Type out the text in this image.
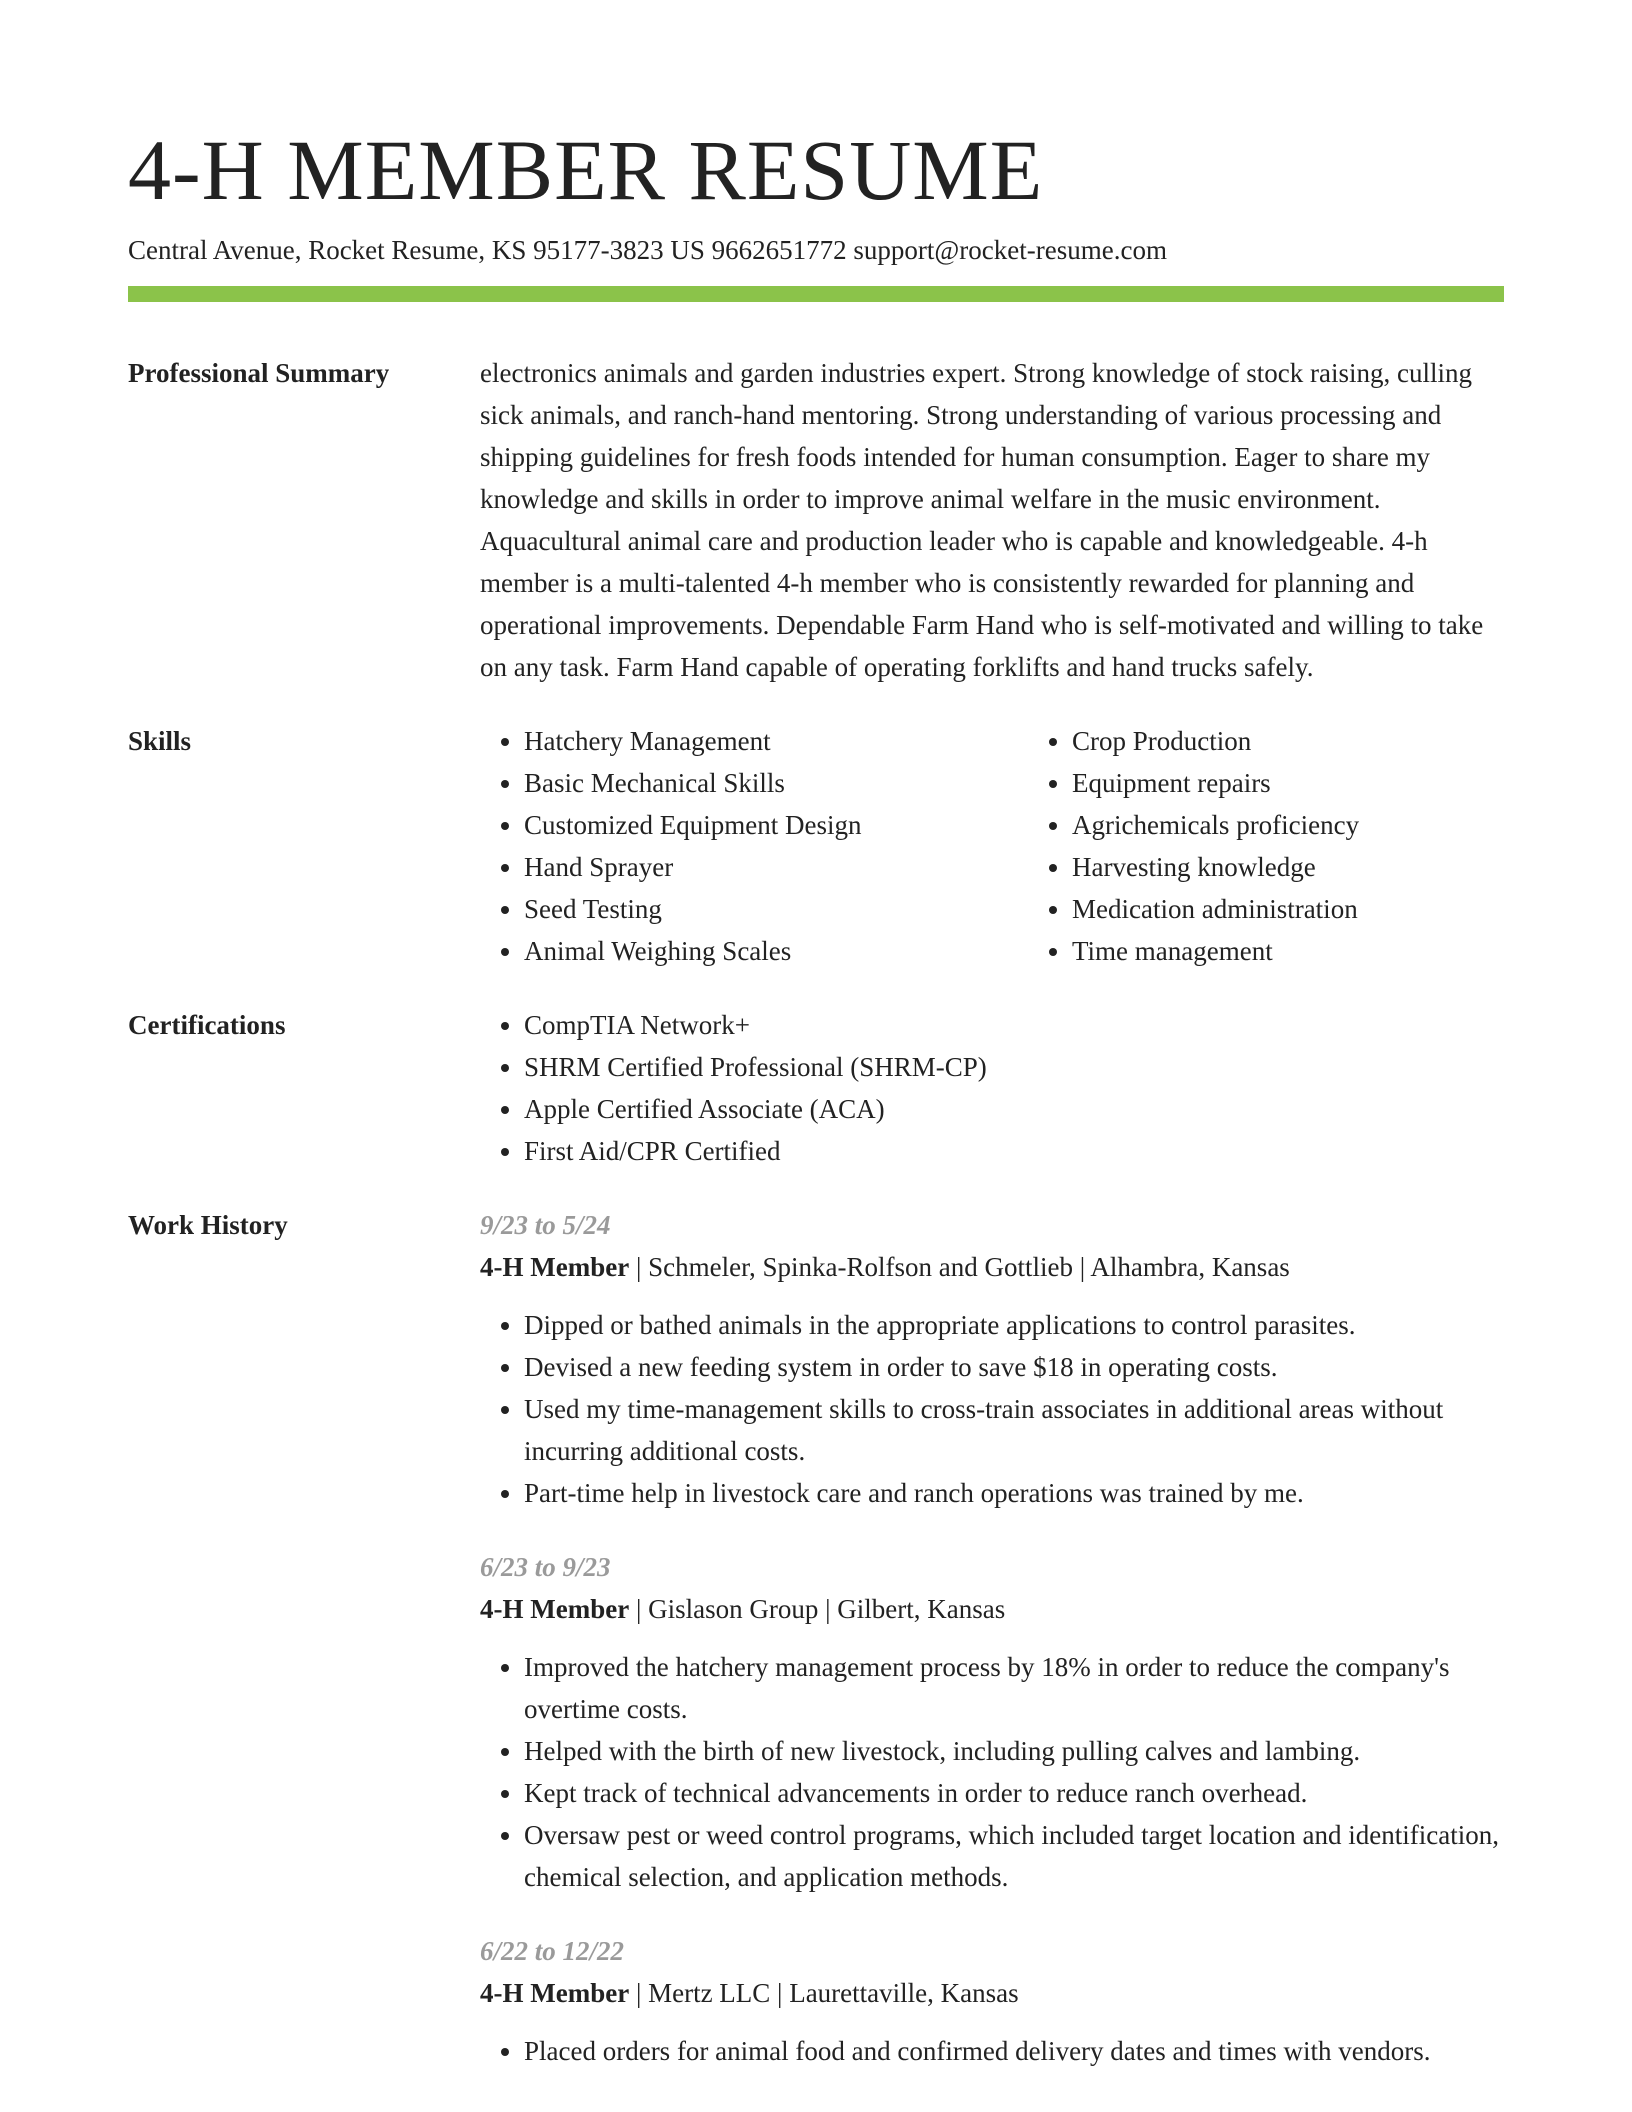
4-H MEMBER RESUME
Central Avenue, Rocket Resume, KS 95177-3823 US 9662651772 support@rocket-resume.com
Professional Summary	electronics animals and garden industries expert. Strong knowledge of stock raising, culling sick animals, and ranch-hand mentoring. Strong understanding of various processing and shipping guidelines for fresh foods intended for human consumption. Eager to share my knowledge and skills in order to improve animal welfare in the music environment. Aquacultural animal care and production leader who is capable and knowledgeable. 4-h member is a multi-talented 4-h member who is consistently rewarded for planning and operational improvements. Dependable Farm Hand who is self-motivated and willing to take on any task. Farm Hand capable of operating forklifts and hand trucks safely.

Skills	• Hatchery Management
• Basic Mechanical Skills
• Customized Equipment Design
• Hand Sprayer
• Seed Testing
• Animal Weighing Scales
• Crop Production
• Equipment repairs
• Agrichemicals proficiency
• Harvesting knowledge
• Medication administration
• Time management
Certifications	• CompTIA Network+
• SHRM Certified Professional (SHRM-CP)
• Apple Certified Associate (ACA)
• First Aid/CPR Certified
Work History	9/23 to 5/24
4-H Member | Schmeler, Spinka-Rolfson and Gottlieb | Alhambra, Kansas
• Dipped or bathed animals in the appropriate applications to control parasites.
• Devised a new feeding system in order to save $18 in operating costs.
• Used my time-management skills to cross-train associates in additional areas without incurring additional costs.
• Part-time help in livestock care and ranch operations was trained by me.
6/23 to 9/23
4-H Member | Gislason Group | Gilbert, Kansas
• Improved the hatchery management process by 18% in order to reduce the company's overtime costs.
• Helped with the birth of new livestock, including pulling calves and lambing.
• Kept track of technical advancements in order to reduce ranch overhead.
• Oversaw pest or weed control programs, which included target location and identification, chemical selection, and application methods.
6/22 to 12/22
4-H Member | Mertz LLC | Laurettaville, Kansas
• Placed orders for animal food and confirmed delivery dates and times with vendors.
